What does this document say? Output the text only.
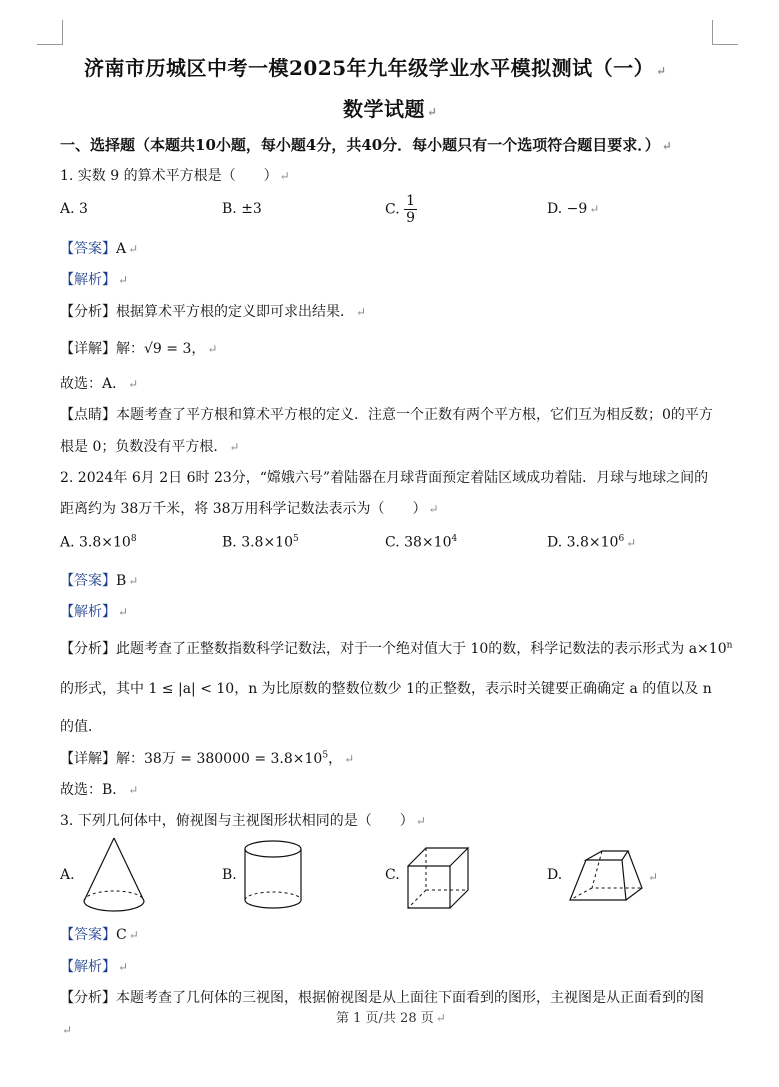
济南市历城区中考一模2025年九年级学业水平模拟测试（一） ↵
数学试题 ↵
一、选择题（本题共10小题，每小题4分，共40分．每小题只有一个选项符合题目要求．） ↵
1. 实数 9 的算术平方根是（　　） ↵
A. 3	B. ±3	C. $\frac{1}{9}$	D. −9 ↵
【答案】A ↵
【解析】 ↵
【分析】根据算术平方根的定义即可求出结果． ↵
【详解】解：√9 = 3， ↵
故选：A． ↵
【点睛】本题考查了平方根和算术平方根的定义．注意一个正数有两个平方根，它们互为相反数；0的平方
根是 0；负数没有平方根． ↵
2. 2024年 6月 2日 6时 23分，“嫦娥六号”着陆器在月球背面预定着陆区域成功着陆．月球与地球之间的
距离约为 38万千米，将 38万用科学记数法表示为（　　） ↵
A. $3.8\times 10^8$	B. $3.8\times 10^5$	C. $38\times 10^4$	D. $3.8\times 10^6$ ↵
【答案】B ↵
【解析】 ↵
【分析】此题考查了正整数指数科学记数法，对于一个绝对值大于 10的数，科学记数法的表示形式为 $a\times 10^n$
的形式，其中 1 ≤ |a| < 10，n 为比原数的整数位数少 1的正整数，表示时关键要正确确定 a 的值以及 n
的值．
【详解】解：38万 = $380000 = 3.8\times 10^5$， ↵
故选：B． ↵
3. 下列几何体中，俯视图与主视图形状相同的是（　　） ↵
A.	B.	C.	D.	↵
【答案】C ↵
【解析】 ↵
【分析】本题考查了几何体的三视图，根据俯视图是从上面往下面看到的图形，主视图是从正面看到的图
第 1 页/共 28 页 ↵
↵
